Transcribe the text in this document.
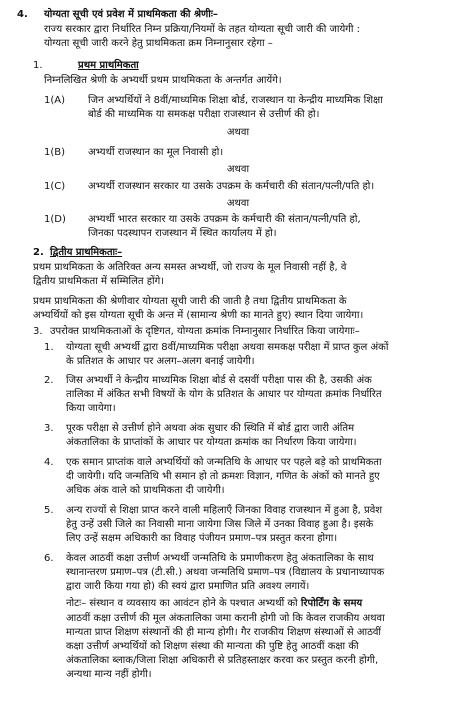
4. योग्यता सूची एवं प्रवेश में प्राथमिकता की श्रेणीः–
राज्य सरकार द्वारा निर्धारित निम्न प्रक्रिया/नियमों के तहत योग्यता सूची जारी की जायेगी :
योग्यता सूची जारी करने हेतु प्राथमिकता क्रम निम्नानुसार रहेगा –
1.	प्रथम प्राथमिकता
निम्नलिखित श्रेणी के अभ्यर्थी प्रथम प्राथमिकता के अन्तर्गत आयेंगे।
1(A) जिन अभ्यर्थियों ने 8वीं/माध्यमिक शिक्षा बोर्ड, राजस्थान या केन्द्रीय माध्यमिक शिक्षा
बोर्ड की माध्यमिक या समकक्ष परीक्षा राजस्थान से उत्तीर्ण की हो।
अथवा
1(B) अभ्यर्थी राजस्थान का मूल निवासी हो।
अथवा
1(C) अभ्यर्थी राजस्थान सरकार या उसके उपक्रम के कर्मचारी की संतान/पत्नी/पति हो।
अथवा
1(D) अभ्यर्थी भारत सरकार या उसके उपक्रम के कर्मचारी की संतान/पत्नी/पति हो,
जिनका पदस्थापन राजस्थान में स्थित कार्यालय में हो।
2. द्वितीय प्राथमिकताः–
प्रथम प्राथमिकता के अतिरिक्त अन्य समस्त अभ्यर्थी, जो राज्य के मूल निवासी नहीं है, वे
द्वितीय प्राथमिकता में सम्मिलित होंगे।
प्रथम प्राथमिकता की श्रेणीवार योग्यता सूची जारी की जाती है तथा द्वितीय प्राथमिकता के
अभ्यर्थियों को इस योग्यता सूची के अन्त में (सामान्य श्रेणी का मानते हुए) स्थान दिया जायेगा।
3. उपरोक्त प्राथमिकताओं के दृष्टिगत, योग्यता क्रमांक निम्नानुसार निर्धारित किया जायेगाः–
1. योग्यता सूची अभ्यर्थी द्वारा 8वीं/माध्यमिक परीक्षा अथवा समकक्ष परीक्षा में प्राप्त कुल अंकों
के प्रतिशत के आधार पर अलग–अलग बनाई जायेगी।
2. जिस अभ्यर्थी ने केन्द्रीय माध्यमिक शिक्षा बोर्ड से दसवीं परीक्षा पास की है, उसकी अंक
तालिका में अंकित सभी विषयों के योग के प्रतिशत के आधार पर योग्यता क्रमांक निर्धारित
किया जायेगा।
3. पूरक परीक्षा से उत्तीर्ण होने अथवा अंक सुधार की स्थिति में बोर्ड द्वारा जारी अंतिम
अंकतालिका के प्राप्तांकों के आधार पर योग्यता क्रमांक का निर्धारण किया जायेगा।
4. एक समान प्राप्तांक वाले अभ्यर्थियों को जन्मतिथि के आधार पर पहले बड़े को प्राथमिकता
दी जायेगी। यदि जन्मतिथि भी समान हो तो क्रमशः विज्ञान, गणित के अंकों को मानते हुए
अधिक अंक वाले को प्राथमिकता दी जायेगी।
5. अन्य राज्यों से शिक्षा प्राप्त करने वाली महिलाएँ जिनका विवाह राजस्थान में हुआ है, प्रवेश
हेतु उन्हें उसी जिले का निवासी माना जायेगा जिस जिले में उनका विवाह हुआ है। इसके
लिए उन्हें सक्षम अधिकारी का विवाह पंजीयन प्रमाण–पत्र प्रस्तुत करना होगा।
6. केवल आठवीं कक्षा उत्तीर्ण अभ्यर्थी जन्मतिथि के प्रमाणीकरण हेतु अंकतालिका के साथ
स्थानान्तरण प्रमाण–पत्र (टी.सी.) अथवा जन्मतिथि प्रमाण–पत्र (विद्यालय के प्रधानाध्यापक
द्वारा जारी किया गया हो) की स्वयं द्वारा प्रमाणित प्रति अवश्य लगायें।
नोटः– संस्थान व व्यवसाय का आवंटन होने के पश्चात अभ्यर्थी को रिपोर्टिंग के समय
आठवीं कक्षा उत्तीर्ण की मूल अंकतालिका जमा करानी होगी जो कि केवल राजकीय अथवा
मान्यता प्राप्त शिक्षण संस्थानों की ही मान्य होगी। गैर राजकीय शिक्षण संस्थाओं से आठवीं
कक्षा उत्तीर्ण अभ्यर्थियों को शिक्षण संस्था की मान्यता की पुष्टि हेतु आठवीं कक्षा की
अंकतालिका ब्लाक/जिला शिक्षा अधिकारी से प्रतिहस्ताक्षर करवा कर प्रस्तुत करनी होगी,
अन्यथा मान्य नहीं होगी।
